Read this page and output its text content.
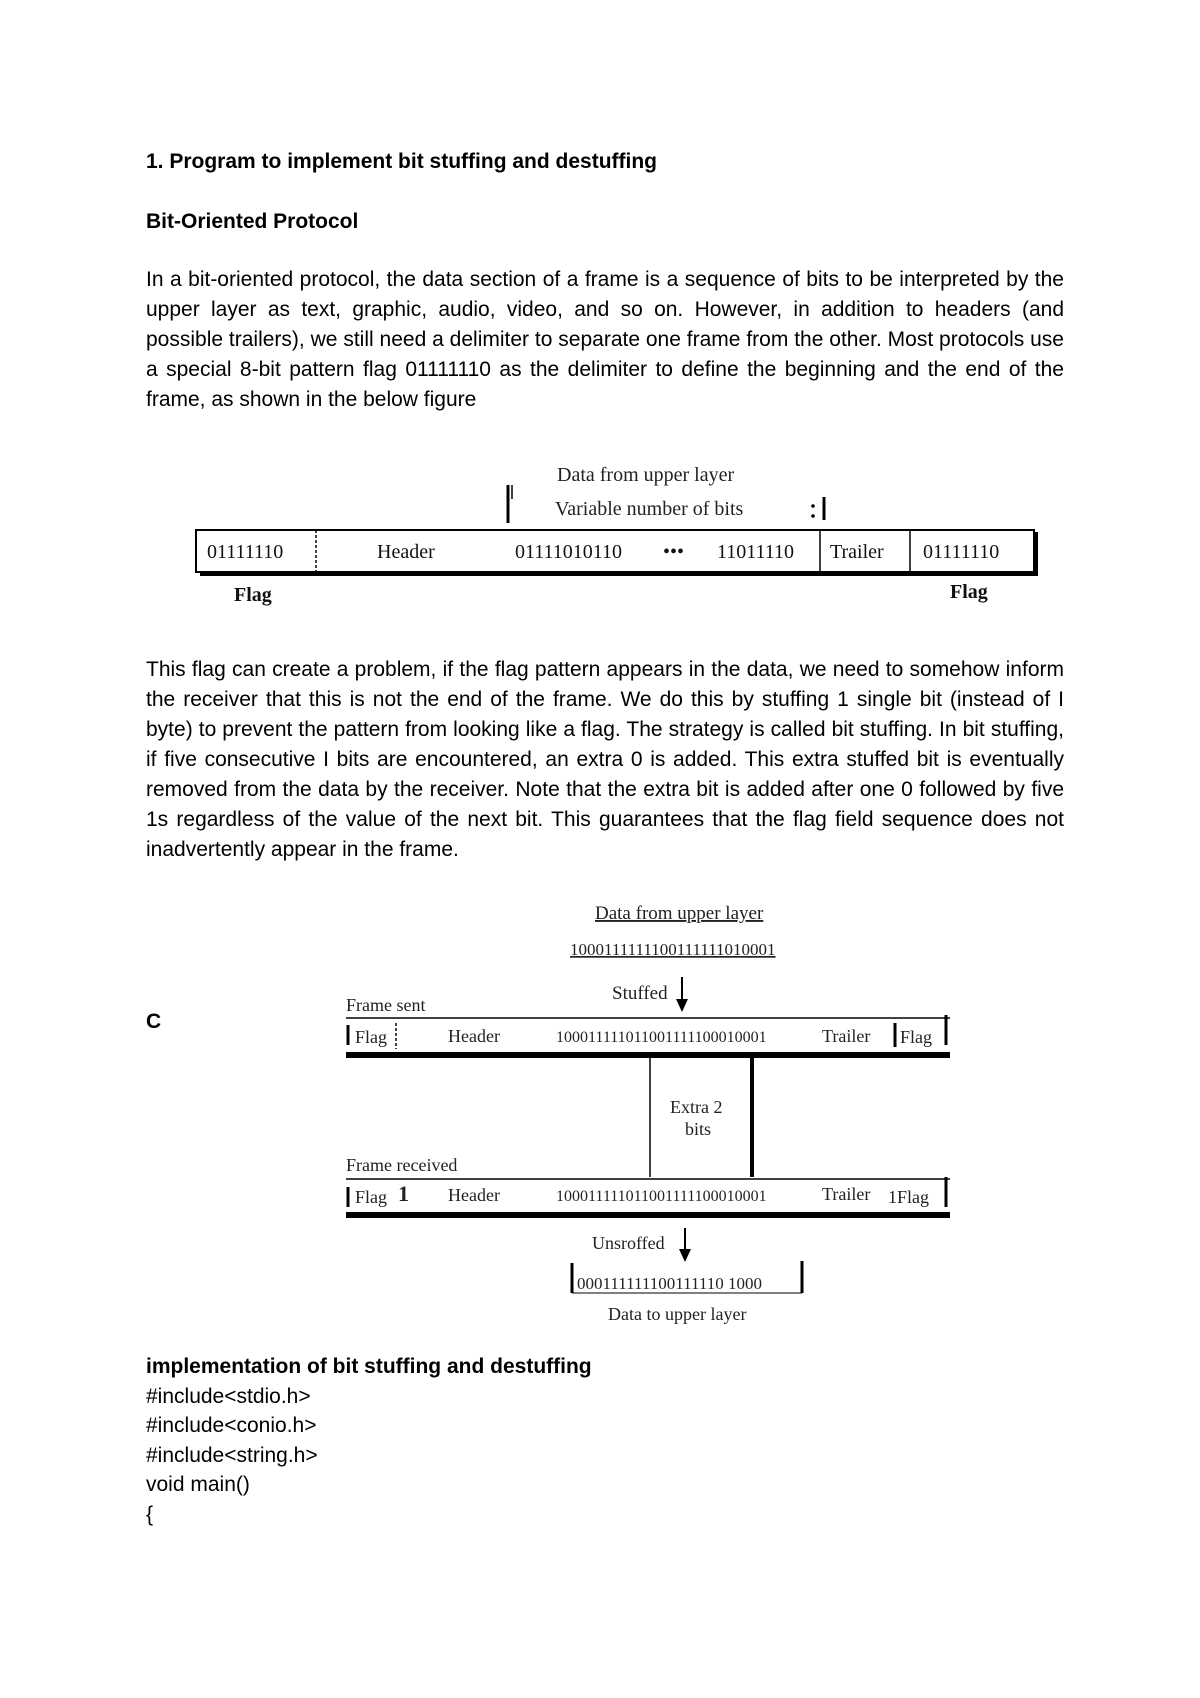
1. Program to implement bit stuffing and destuffing
Bit-Oriented Protocol
In a bit-oriented protocol, the data section of a frame is a sequence of bits to be interpreted by the upper layer as text, graphic, audio, video, and so on. However, in addition to headers (and possible trailers), we still need a delimiter to separate one frame from the other. Most protocols use a special 8-bit pattern flag 01111110 as the delimiter to define the beginning and the end of the frame, as shown in the below figure
Data from upper layer
Variable number of bits
01111110	Header	01111010110 ••• 11011110 Trailer 01111110
Flag	Flag
This flag can create a problem, if the flag pattern appears in the data, we need to somehow inform the receiver that this is not the end of the frame. We do this by stuffing 1 single bit (instead of I byte) to prevent the pattern from looking like a flag. The strategy is called bit stuffing. In bit stuffing, if five consecutive I bits are encountered, an extra 0 is added. This extra stuffed bit is eventually removed from the data by the receiver. Note that the extra bit is added after one 0 followed by five 1s regardless of the value of the next bit. This guarantees that the flag field sequence does not inadvertently appear in the frame.
C
Data from upper layer
1000111111100111111010001
Stuffed
Frame sent
Flag	Header	100011111011001111100010001	Trailer Flag
Extra 2
bits
Frame received
Flag 1 Header	100011111011001111100010001	Trailer 1Flag
Unsroffed
000111111100111110 1000
Data to upper layer
implementation of bit stuffing and destuffing
#include<stdio.h>
#include<conio.h>
#include<string.h>
void main()
{
